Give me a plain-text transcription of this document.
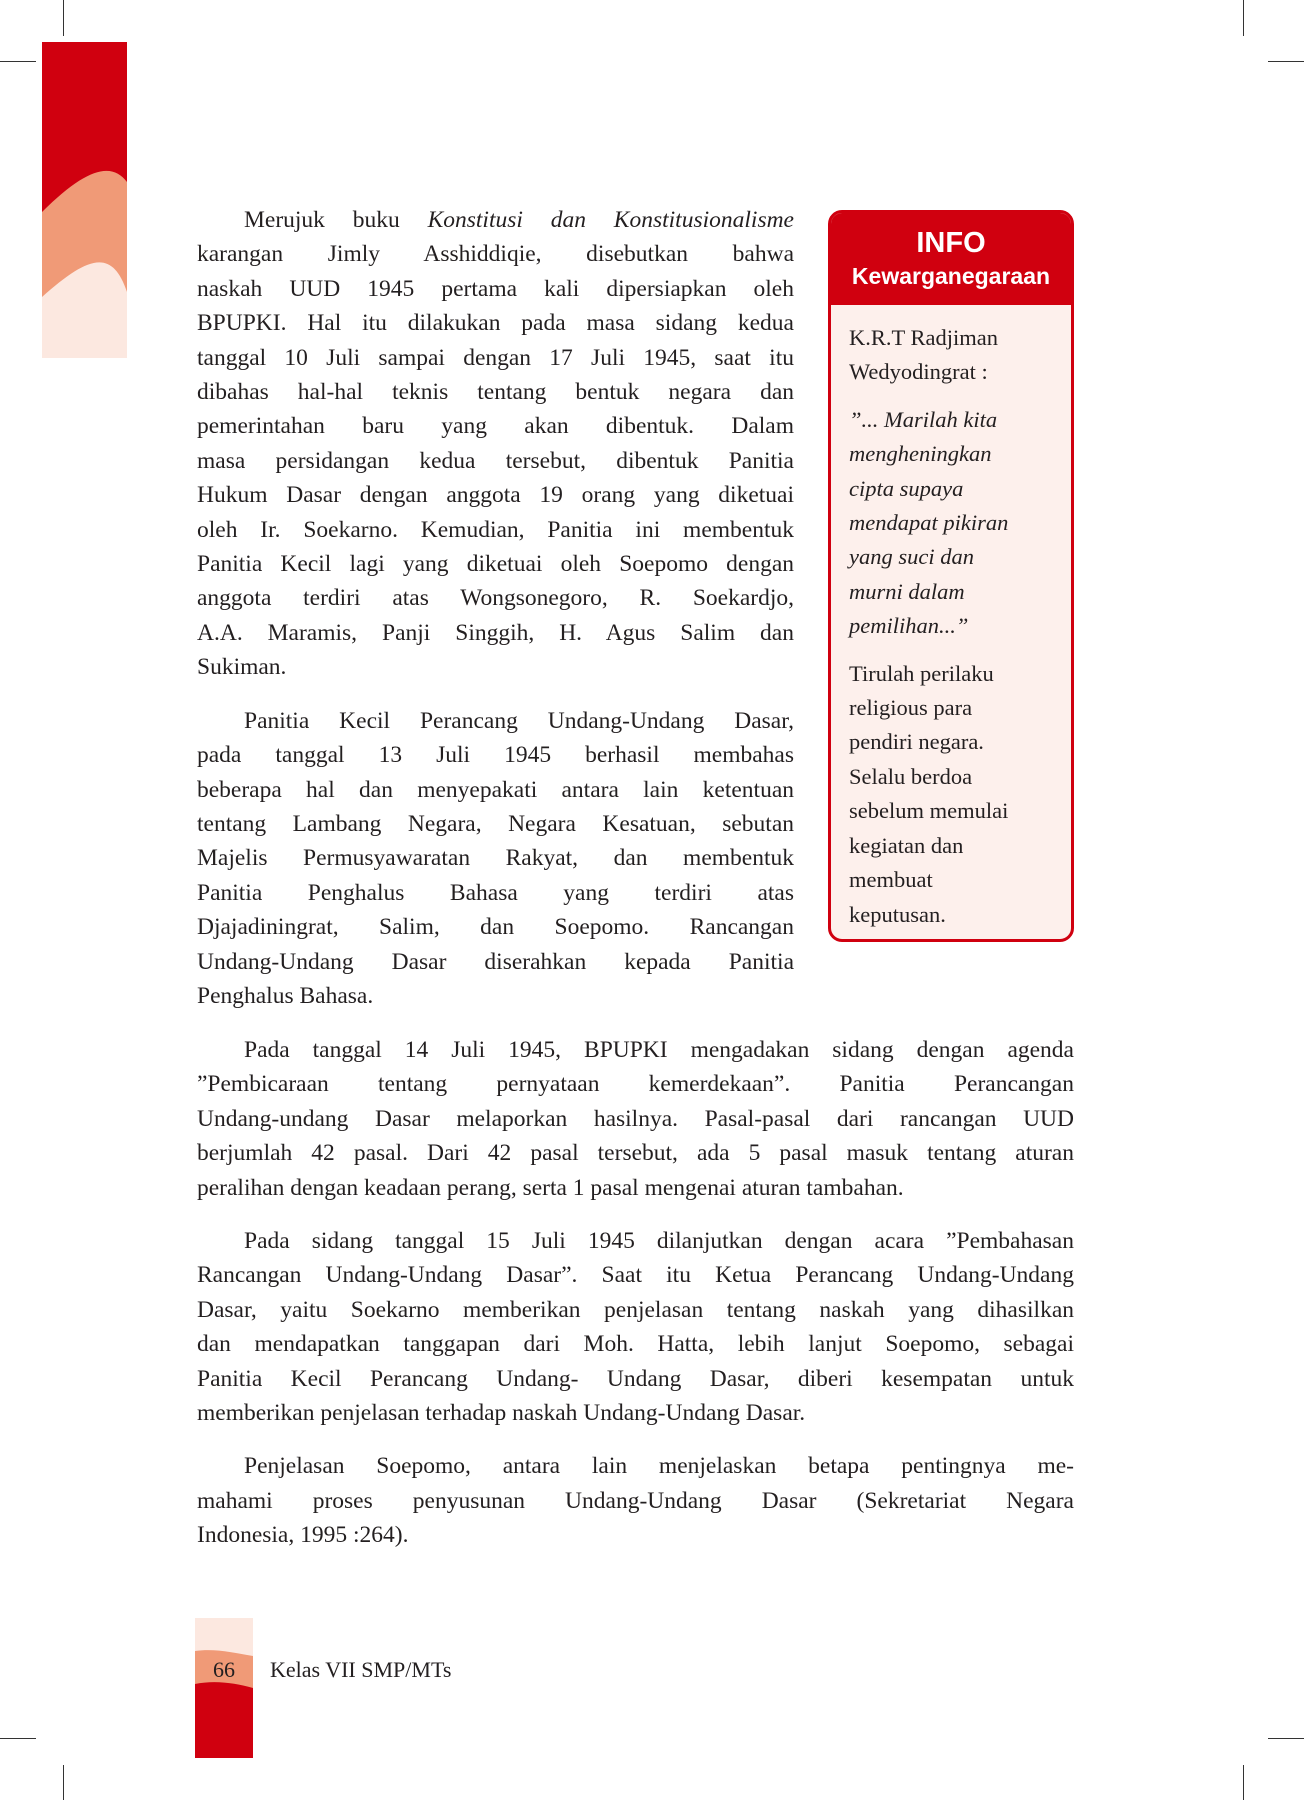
Merujuk buku Konstitusi dan Konstitusionalisme
karangan Jimly Asshiddiqie, disebutkan bahwa
naskah UUD 1945 pertama kali dipersiapkan oleh
BPUPKI. Hal itu dilakukan pada masa sidang kedua
tanggal 10 Juli sampai dengan 17 Juli 1945, saat itu
dibahas hal-hal teknis tentang bentuk negara dan
pemerintahan baru yang akan dibentuk. Dalam
masa persidangan kedua tersebut, dibentuk Panitia
Hukum Dasar dengan anggota 19 orang yang diketuai
oleh Ir. Soekarno. Kemudian, Panitia ini membentuk
Panitia Kecil lagi yang diketuai oleh Soepomo dengan
anggota terdiri atas Wongsonegoro, R. Soekardjo,
A.A. Maramis, Panji Singgih, H. Agus Salim dan
Sukiman.
Panitia Kecil Perancang Undang-Undang Dasar,
pada tanggal 13 Juli 1945 berhasil membahas
beberapa hal dan menyepakati antara lain ketentuan
tentang Lambang Negara, Negara Kesatuan, sebutan
Majelis Permusyawaratan Rakyat, dan membentuk
Panitia Penghalus Bahasa yang terdiri atas
Djajadiningrat, Salim, dan Soepomo. Rancangan
Undang-Undang Dasar diserahkan kepada Panitia
Penghalus Bahasa.
Pada tanggal 14 Juli 1945, BPUPKI mengadakan sidang dengan agenda
”Pembicaraan tentang pernyataan kemerdekaan”. Panitia Perancangan
Undang-undang Dasar melaporkan hasilnya. Pasal-pasal dari rancangan UUD
berjumlah 42 pasal. Dari 42 pasal tersebut, ada 5 pasal masuk tentang aturan
peralihan dengan keadaan perang, serta 1 pasal mengenai aturan tambahan.
Pada sidang tanggal 15 Juli 1945 dilanjutkan dengan acara ”Pembahasan
Rancangan Undang-Undang Dasar”. Saat itu Ketua Perancang Undang-Undang
Dasar, yaitu Soekarno memberikan penjelasan tentang naskah yang dihasilkan
dan mendapatkan tanggapan dari Moh. Hatta, lebih lanjut Soepomo, sebagai
Panitia Kecil Perancang Undang- Undang Dasar, diberi kesempatan untuk
memberikan penjelasan terhadap naskah Undang-Undang Dasar.
Penjelasan Soepomo, antara lain menjelaskan betapa pentingnya me-
mahami proses penyusunan Undang-Undang Dasar (Sekretariat Negara
Indonesia, 1995 :264).
INFO
Kewarganegaraan

K.R.T Radjiman
Wedyodingrat :

”... Marilah kita
mengheningkan
cipta supaya
mendapat pikiran
yang suci dan
murni dalam
pemilihan...”

Tirulah perilaku
religious para
pendiri negara.
Selalu berdoa
sebelum memulai
kegiatan dan
membuat
keputusan.

66	Kelas VII SMP/MTs
